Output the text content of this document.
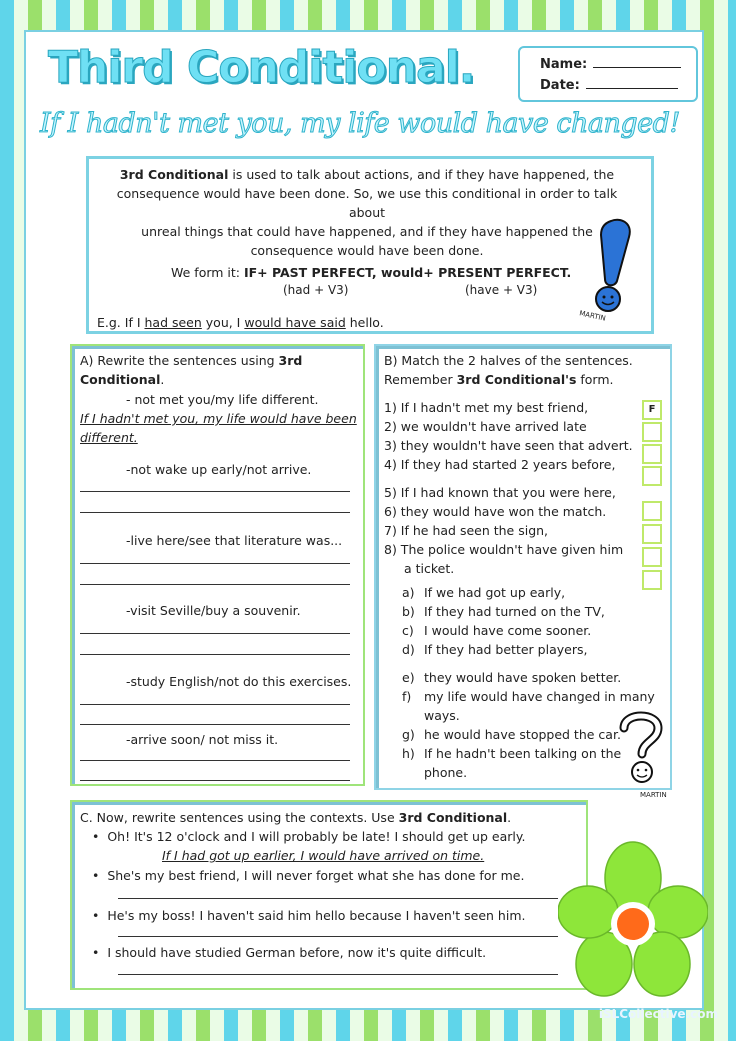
Third Conditional.	Name:
Date:
If I hadn't met you, my life would have changed!
3rd Conditional is used to talk about actions, and if they have happened, the
consequence would have been done. So, we use this conditional in order to talk about
unreal things that could have happened, and if they have happened the
consequence would have been done.
We form it: IF+ PAST PERFECT, would+ PRESENT PERFECT.
(had + V3)	(have + V3)
E.g. If I had seen you, I would have said hello.	MARTIN
A) Rewrite the sentences using 3rd
Conditional.
- not met you/my life different.
If I hadn't met you, my life would have been
different.
-not wake up early/not arrive.
-live here/see that literature was...
-visit Seville/buy a souvenir.
-study English/not do this exercises.
-arrive soon/ not miss it.
B) Match the 2 halves of the sentences.
Remember 3rd Conditional's form.
1) If I hadn't met my best friend,
2) we wouldn't have arrived late
3) they wouldn't have seen that advert.
4) If they had started 2 years before,
5) If I had known that you were here,
6) they would have won the match.
7) If he had seen the sign,
8) The police wouldn't have given him
a ticket.
a) If we had got up early,
b) If they had turned on the TV,
c) I would have come sooner.
d) If they had better players,
e) they would have spoken better.
f) my life would have changed in many
ways.
g) he would have stopped the car.
h) If he hadn't been talking on the
phone.
F
MARTIN
C. Now, rewrite sentences using the contexts. Use 3rd Conditional.
•  Oh! It's 12 o'clock and I will probably be late! I should get up early.
If I had got up earlier, I would have arrived on time.
•  She's my best friend, I will never forget what she has done for me.
•  He's my boss! I haven't said him hello because I haven't seen him.
•  I should have studied German before, now it's quite difficult.
iSLCollective.com
